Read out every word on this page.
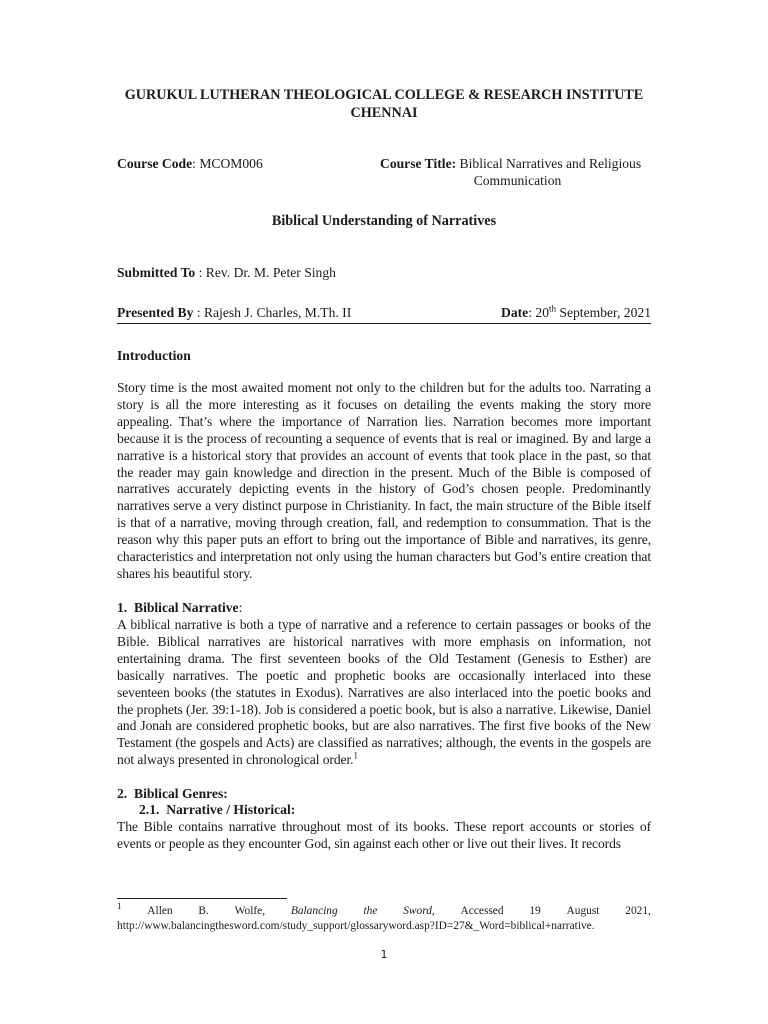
GURUKUL LUTHERAN THEOLOGICAL COLLEGE & RESEARCH INSTITUTE
CHENNAI
Course Code: MCOM006	Course Title: Biblical Narratives and Religious
Communication
Biblical Understanding of Narratives
Submitted To : Rev. Dr. M. Peter Singh
Presented By : Rajesh J. Charles, M.Th. II	Date: 20th September, 2021
Introduction
Story time is the most awaited moment not only to the children but for the adults too. Narrating a story is all the more interesting as it focuses on detailing the events making the story more appealing. That’s where the importance of Narration lies. Narration becomes more important because it is the process of recounting a sequence of events that is real or imagined. By and large a narrative is a historical story that provides an account of events that took place in the past, so that the reader may gain knowledge and direction in the present. Much of the Bible is composed of narratives accurately depicting events in the history of God’s chosen people. Predominantly narratives serve a very distinct purpose in Christianity. In fact, the main structure of the Bible itself is that of a narrative, moving through creation, fall, and redemption to consummation. That is the reason why this paper puts an effort to bring out the importance of Bible and narratives, its genre, characteristics and interpretation not only using the human characters but God’s entire creation that shares his beautiful story.
1. Biblical Narrative:
A biblical narrative is both a type of narrative and a reference to certain passages or books of the Bible. Biblical narratives are historical narratives with more emphasis on information, not entertaining drama. The first seventeen books of the Old Testament (Genesis to Esther) are basically narratives. The poetic and prophetic books are occasionally interlaced into these seventeen books (the statutes in Exodus). Narratives are also interlaced into the poetic books and the prophets (Jer. 39:1-18). Job is considered a poetic book, but is also a narrative. Likewise, Daniel and Jonah are considered prophetic books, but are also narratives. The first five books of the New Testament (the gospels and Acts) are classified as narratives; although, the events in the gospels are not always presented in chronological order.$^1$
2. Biblical Genres:
2.1. Narrative / Historical:
The Bible contains narrative throughout most of its books. These report accounts or stories of events or people as they encounter God, sin against each other or live out their lives. It records
$^1$ Allen B. Wolfe, Balancing the Sword, Accessed 19 August 2021,
http://www.balancingthesword.com/study_support/glossaryword.asp?ID=27&_Word=biblical+narrative.
1
